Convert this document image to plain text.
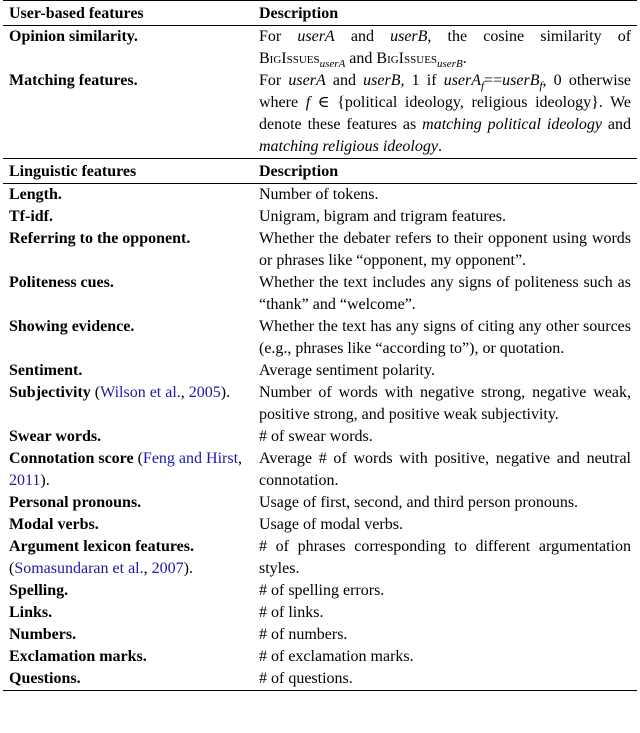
User-based features	Description
Opinion similarity.	For userA and userB, the cosine similarity of BigIssues$_{userA}$ and BigIssues$_{userB}$.
Matching features.	For userA and userB, 1 if userA$_f$==userB$_f$, 0 otherwise where f ∈ {political ideology, religious ideology}. We denote these features as matching political ideology and matching religious ideology.
Linguistic features	Description
Length.	Number of tokens.
Tf-idf.	Unigram, bigram and trigram features.
Referring to the opponent.	Whether the debater refers to their opponent using words or phrases like “opponent, my opponent”.
Politeness cues.	Whether the text includes any signs of politeness such as “thank” and “welcome”.
Showing evidence.	Whether the text has any signs of citing any other sources (e.g., phrases like “according to”), or quotation.
Sentiment.	Average sentiment polarity.
Subjectivity (Wilson et al., 2005).	Number of words with negative strong, negative weak, positive strong, and positive weak subjectivity.
Swear words.	# of swear words.
Connotation score (Feng and Hirst, 2011).	Average # of words with positive, negative and neutral connotation.
Personal pronouns.	Usage of first, second, and third person pronouns.
Modal verbs.	Usage of modal verbs.
Argument lexicon features. (Somasundaran et al., 2007).	# of phrases corresponding to different argumentation styles.
Spelling.	# of spelling errors.
Links.	# of links.
Numbers.	# of numbers.
Exclamation marks.	# of exclamation marks.
Questions.	# of questions.
